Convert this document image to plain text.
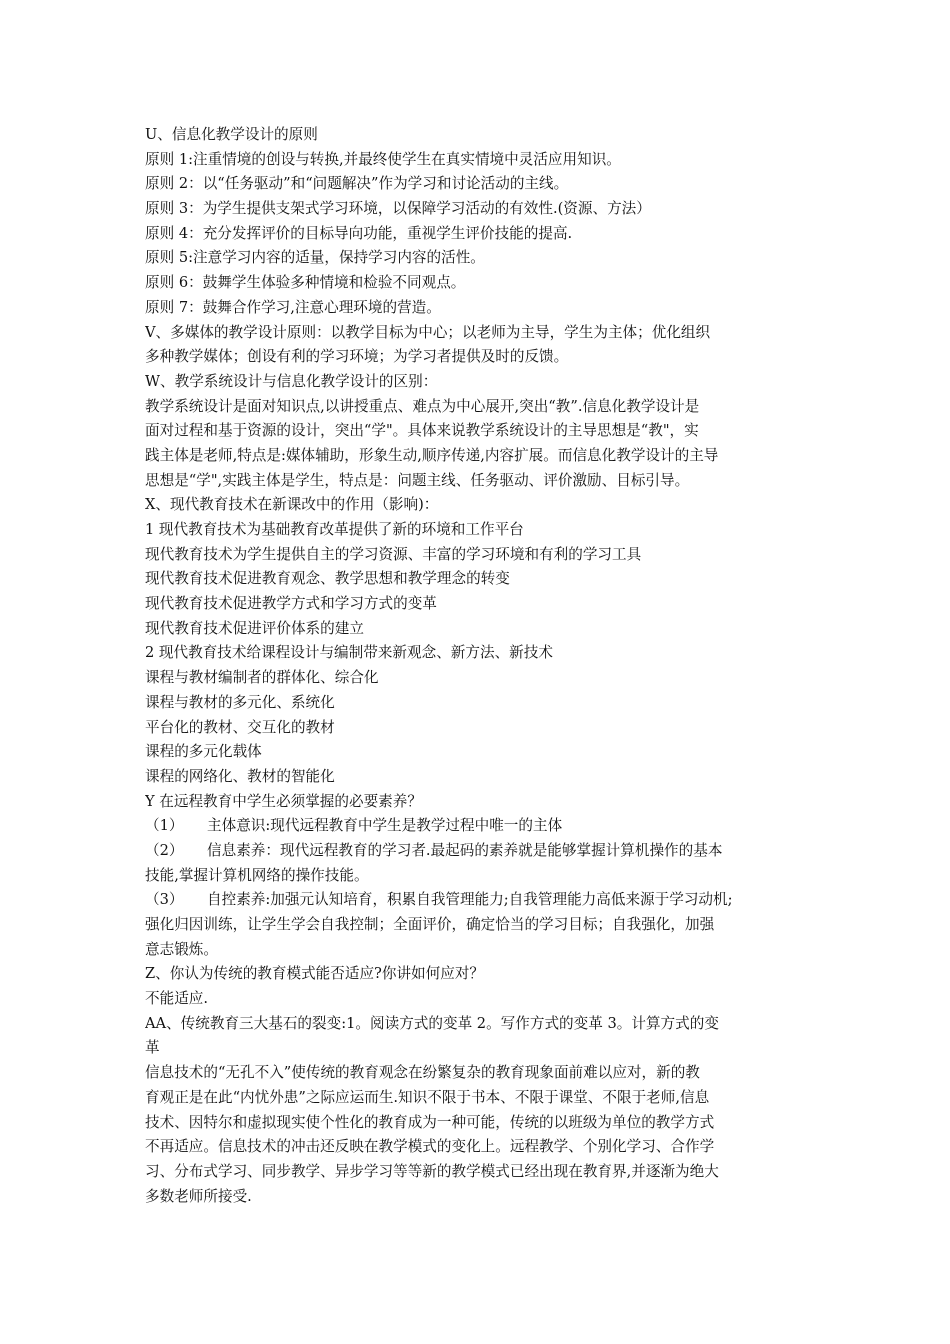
U、信息化教学设计的原则
原则 1:注重情境的创设与转换,并最终使学生在真实情境中灵活应用知识。
原则 2：以“任务驱动”和“问题解决”作为学习和讨论活动的主线。
原则 3：为学生提供支架式学习环境，以保障学习活动的有效性.(资源、方法）
原则 4：充分发挥评价的目标导向功能，重视学生评价技能的提高.
原则 5:注意学习内容的适量，保持学习内容的活性。
原则 6：鼓舞学生体验多种情境和检验不同观点。
原则 7：鼓舞合作学习,注意心理环境的营造。
V、多媒体的教学设计原则：以教学目标为中心；以老师为主导，学生为主体；优化组织
多种教学媒体；创设有利的学习环境；为学习者提供及时的反馈。
W、教学系统设计与信息化教学设计的区别：
教学系统设计是面对知识点,以讲授重点、难点为中心展开,突出“教”.信息化教学设计是
面对过程和基于资源的设计，突出“学"。具体来说教学系统设计的主导思想是“教"，实
践主体是老师,特点是:媒体辅助，形象生动,顺序传递,内容扩展。而信息化教学设计的主导
思想是“学",实践主体是学生，特点是：问题主线、任务驱动、评价激励、目标引导。
X、现代教育技术在新课改中的作用（影响)：
1 现代教育技术为基础教育改革提供了新的环境和工作平台
现代教育技术为学生提供自主的学习资源、丰富的学习环境和有利的学习工具
现代教育技术促进教育观念、教学思想和教学理念的转变
现代教育技术促进教学方式和学习方式的变革
现代教育技术促进评价体系的建立
2 现代教育技术给课程设计与编制带来新观念、新方法、新技术
课程与教材编制者的群体化、综合化
课程与教材的多元化、系统化
平台化的教材、交互化的教材
课程的多元化载体
课程的网络化、教材的智能化
Y 在远程教育中学生必须掌握的必要素养？
（1）	主体意识:现代远程教育中学生是教学过程中唯一的主体
（2）	信息素养：现代远程教育的学习者.最起码的素养就是能够掌握计算机操作的基本
技能,掌握计算机网络的操作技能。
（3）	自控素养:加强元认知培育，积累自我管理能力;自我管理能力高低来源于学习动机;
强化归因训练，让学生学会自我控制；全面评价，确定恰当的学习目标；自我强化，加强
意志锻炼。
Z、你认为传统的教育模式能否适应?你讲如何应对？
不能适应.
AA、传统教育三大基石的裂变:1。阅读方式的变革 2。写作方式的变革 3。计算方式的变
革
信息技术的“无孔不入”使传统的教育观念在纷繁复杂的教育现象面前难以应对，新的教
育观正是在此“内忧外患”之际应运而生.知识不限于书本、不限于课堂、不限于老师,信息
技术、因特尔和虚拟现实使个性化的教育成为一种可能，传统的以班级为单位的教学方式
不再适应。信息技术的冲击还反映在教学模式的变化上。远程教学、个别化学习、合作学
习、分布式学习、同步教学、异步学习等等新的教学模式已经出现在教育界,并逐渐为绝大
多数老师所接受.
